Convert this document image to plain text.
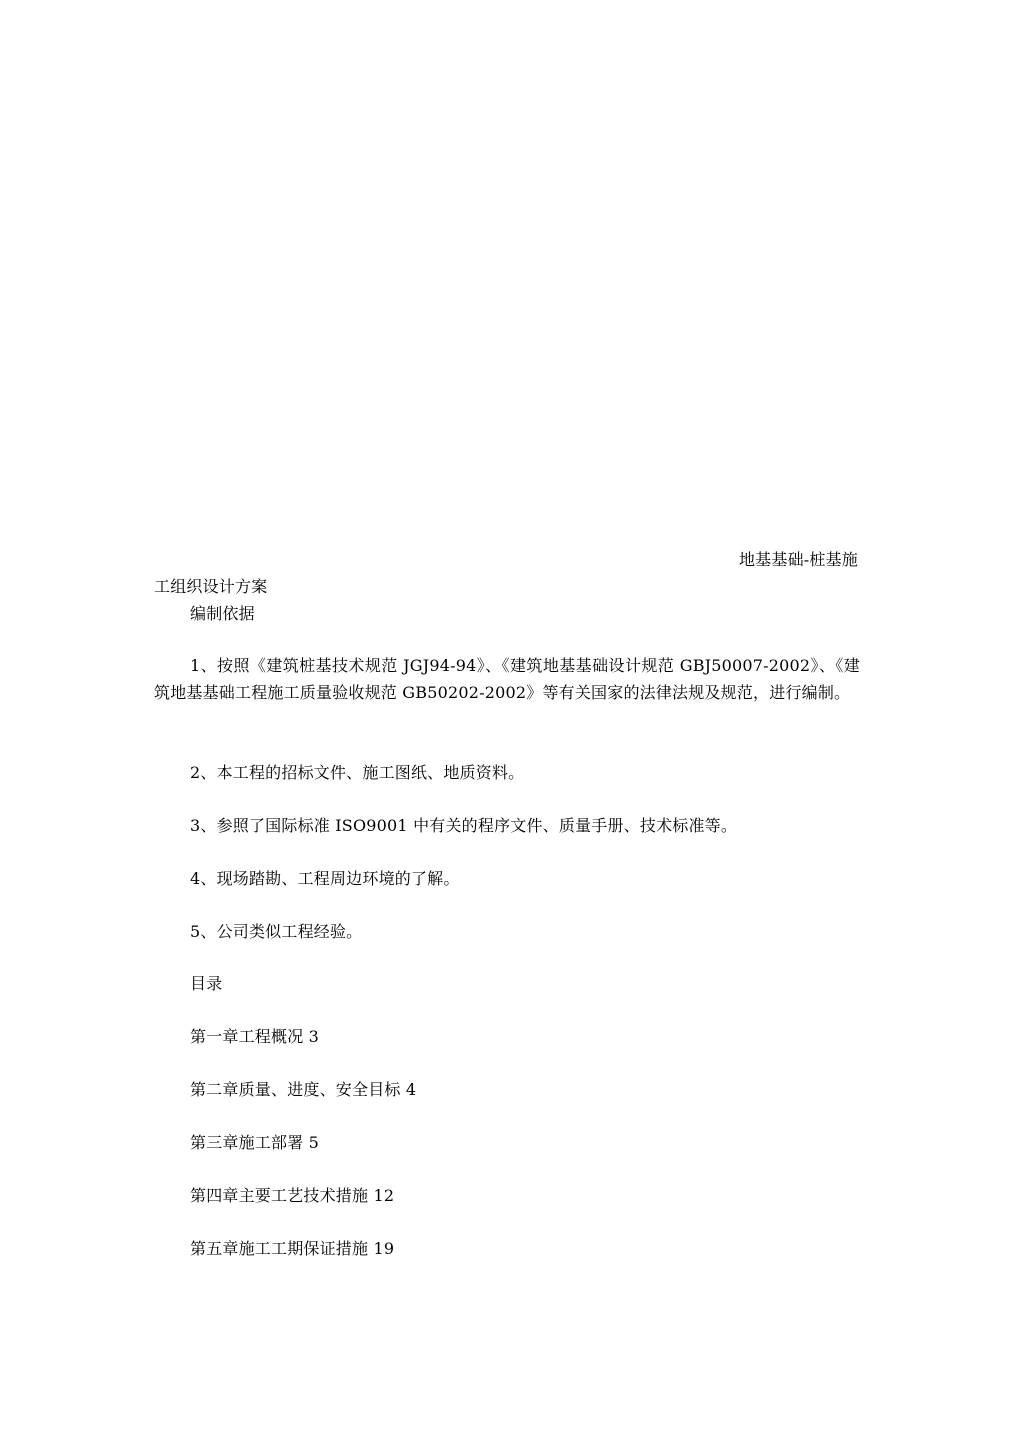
地基基础-桩基施
工组织设计方案
编制依据
1、按照《建筑桩基技术规范 JGJ94-94》、《建筑地基基础设计规范 GBJ50007-2002》、《建筑地基基础工程施工质量验收规范 GB50202-2002》等有关国家的法律法规及规范，进行编制。
2、本工程的招标文件、施工图纸、地质资料。
3、参照了国际标准 ISO9001 中有关的程序文件、质量手册、技术标准等。
4、现场踏勘、工程周边环境的了解。
5、公司类似工程经验。
目录
第一章工程概况 3
第二章质量、进度、安全目标 4
第三章施工部署 5
第四章主要工艺技术措施 12
第五章施工工期保证措施 19
